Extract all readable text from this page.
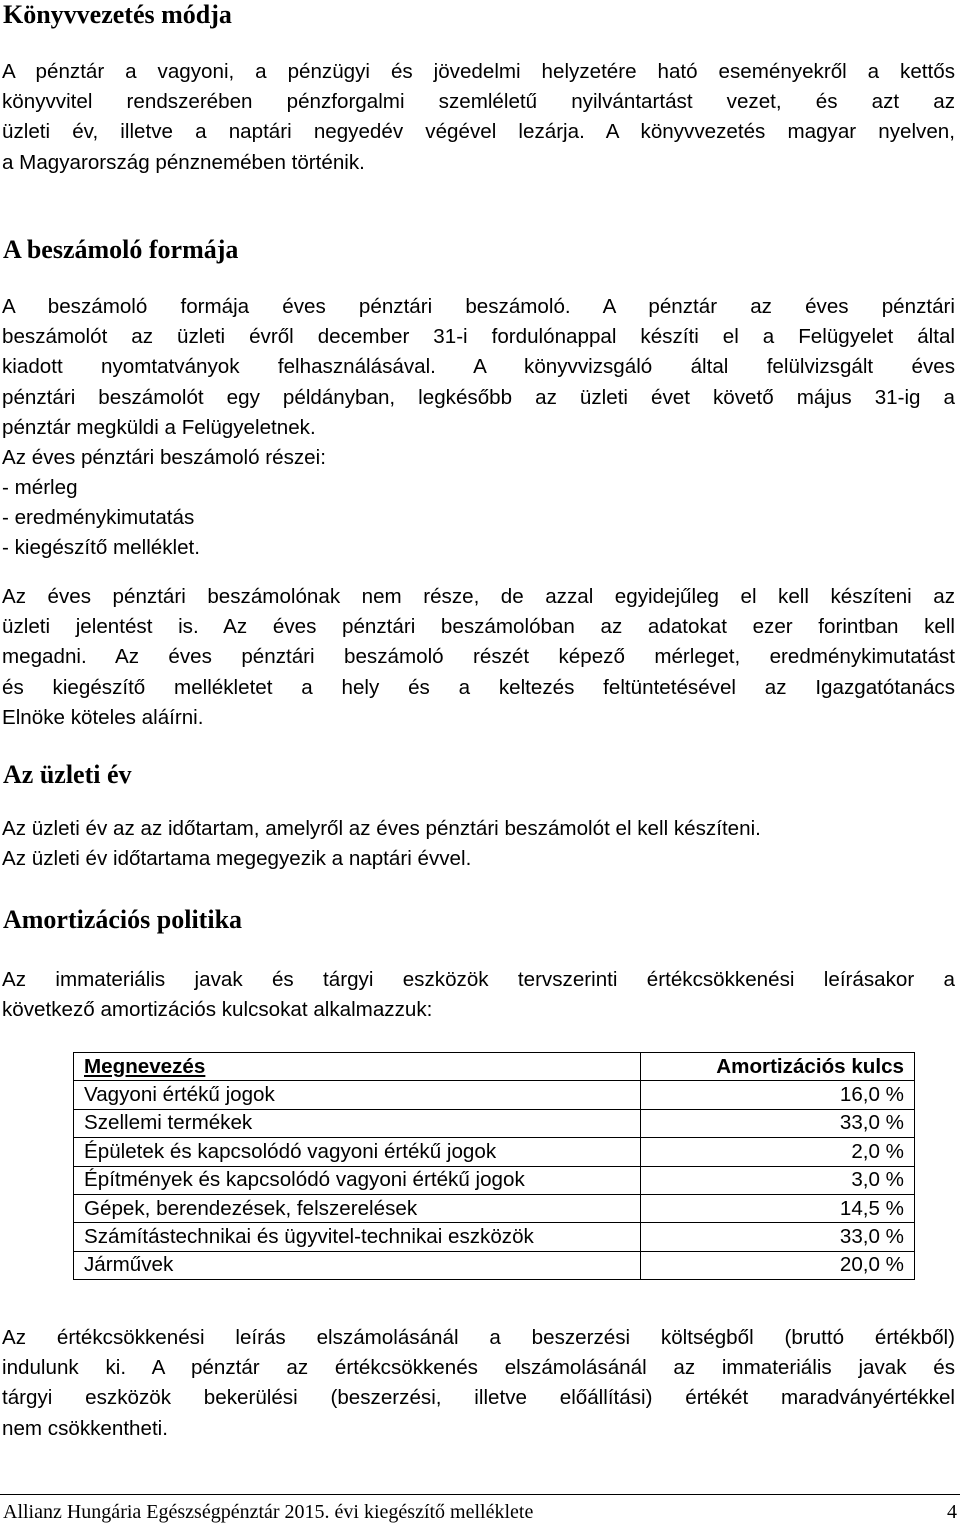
Könyvvezetés módja

A pénztár a vagyoni, a pénzügyi és jövedelmi helyzetére ható eseményekről a kettős
könyvvitel rendszerében pénzforgalmi szemléletű nyilvántartást vezet, és azt az
üzleti év, illetve a naptári negyedév végével lezárja. A könyvvezetés magyar nyelven,
a Magyarország pénznemében történik.

A beszámoló formája

A beszámoló formája éves pénztári beszámoló. A pénztár az éves pénztári
beszámolót az üzleti évről december 31-i fordulónappal készíti el a Felügyelet által
kiadott nyomtatványok felhasználásával. A könyvvizsgáló által felülvizsgált éves
pénztári beszámolót egy példányban, legkésőbb az üzleti évet követő május 31-ig a
pénztár megküldi a Felügyeletnek.

Az éves pénztári beszámoló részei:

- mérleg
- eredménykimutatás
- kiegészítő melléklet.

Az éves pénztári beszámolónak nem része, de azzal egyidejűleg el kell készíteni az
üzleti jelentést is. Az éves pénztári beszámolóban az adatokat ezer forintban kell
megadni. Az éves pénztári beszámoló részét képező mérleget, eredménykimutatást
és kiegészítő mellékletet a hely és a keltezés feltüntetésével az Igazgatótanács
Elnöke köteles aláírni.

Az üzleti év

Az üzleti év az az időtartam, amelyről az éves pénztári beszámolót el kell készíteni.
Az üzleti év időtartama megegyezik a naptári évvel.

Amortizációs politika

Az immateriális javak és tárgyi eszközök tervszerinti értékcsökkenési leírásakor a
következő amortizációs kulcsokat alkalmazzuk:

Megnevezés	Amortizációs kulcs
Vagyoni értékű jogok	16,0 %
Szellemi termékek	33,0 %
Épületek és kapcsolódó vagyoni értékű jogok	2,0 %
Építmények és kapcsolódó vagyoni értékű jogok	3,0 %
Gépek, berendezések, felszerelések	14,5 %
Számítástechnikai és ügyvitel-technikai eszközök	33,0 %
Járművek	20,0 %

Az értékcsökkenési leírás elszámolásánál a beszerzési költségből (bruttó értékből)
indulunk ki. A pénztár az értékcsökkenés elszámolásánál az immateriális javak és
tárgyi eszközök bekerülési (beszerzési, illetve előállítási) értékét maradványértékkel
nem csökkentheti.

Allianz Hungária Egészségpénztár 2015. évi kiegészítő melléklete	4
